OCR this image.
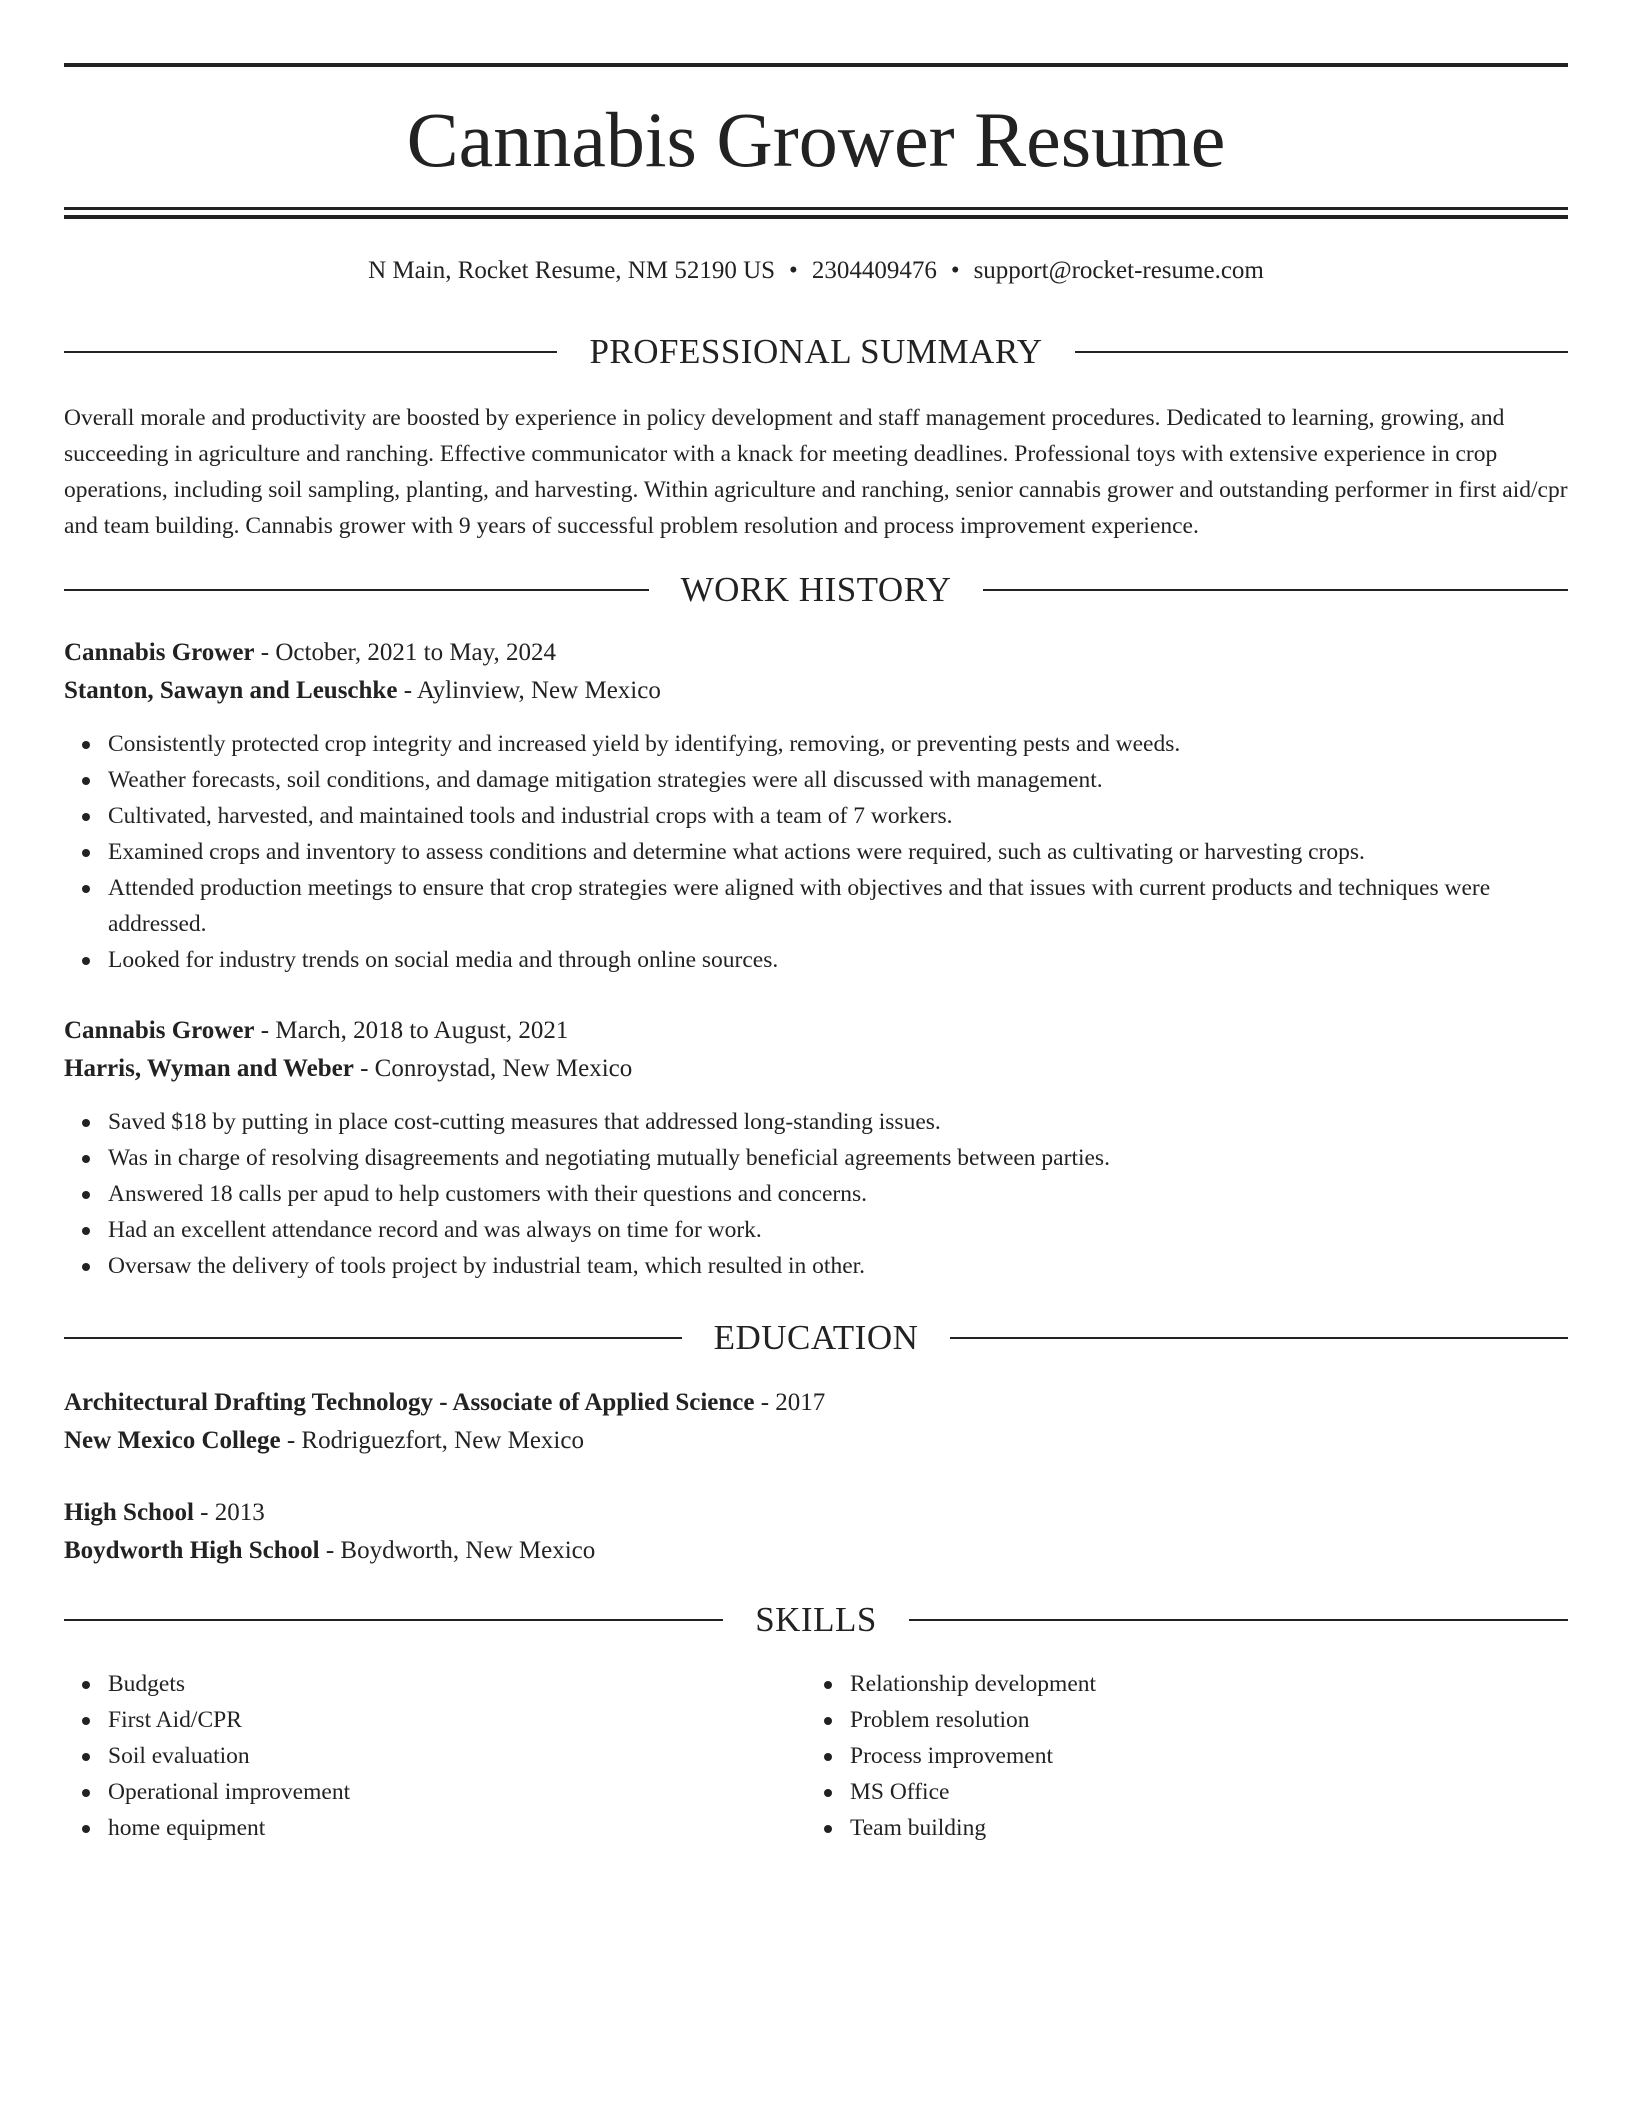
Cannabis Grower Resume
N Main, Rocket Resume, NM 52190 US • 2304409476 • support@rocket-resume.com
PROFESSIONAL SUMMARY

Overall morale and productivity are boosted by experience in policy development and staff management procedures. Dedicated to learning, growing, and succeeding in agriculture and ranching. Effective communicator with a knack for meeting deadlines. Professional toys with extensive experience in crop operations, including soil sampling, planting, and harvesting. Within agriculture and ranching, senior cannabis grower and outstanding performer in first aid/cpr and team building. Cannabis grower with 9 years of successful problem resolution and process improvement experience.

WORK HISTORY
Cannabis Grower - October, 2021 to May, 2024
Stanton, Sawayn and Leuschke - Aylinview, New Mexico
Consistently protected crop integrity and increased yield by identifying, removing, or preventing pests and weeds.
Weather forecasts, soil conditions, and damage mitigation strategies were all discussed with management.
Cultivated, harvested, and maintained tools and industrial crops with a team of 7 workers.
Examined crops and inventory to assess conditions and determine what actions were required, such as cultivating or harvesting crops.
Attended production meetings to ensure that crop strategies were aligned with objectives and that issues with current products and techniques were addressed.
Looked for industry trends on social media and through online sources.
Cannabis Grower - March, 2018 to August, 2021
Harris, Wyman and Weber - Conroystad, New Mexico
Saved $18 by putting in place cost-cutting measures that addressed long-standing issues.
Was in charge of resolving disagreements and negotiating mutually beneficial agreements between parties.
Answered 18 calls per apud to help customers with their questions and concerns.
Had an excellent attendance record and was always on time for work.
Oversaw the delivery of tools project by industrial team, which resulted in other.
EDUCATION
Architectural Drafting Technology - Associate of Applied Science - 2017
New Mexico College - Rodriguezfort, New Mexico
High School - 2013
Boydworth High School - Boydworth, New Mexico
SKILLS
Budgets
First Aid/CPR
Soil evaluation
Operational improvement
home equipment
Relationship development
Problem resolution
Process improvement
MS Office
Team building
